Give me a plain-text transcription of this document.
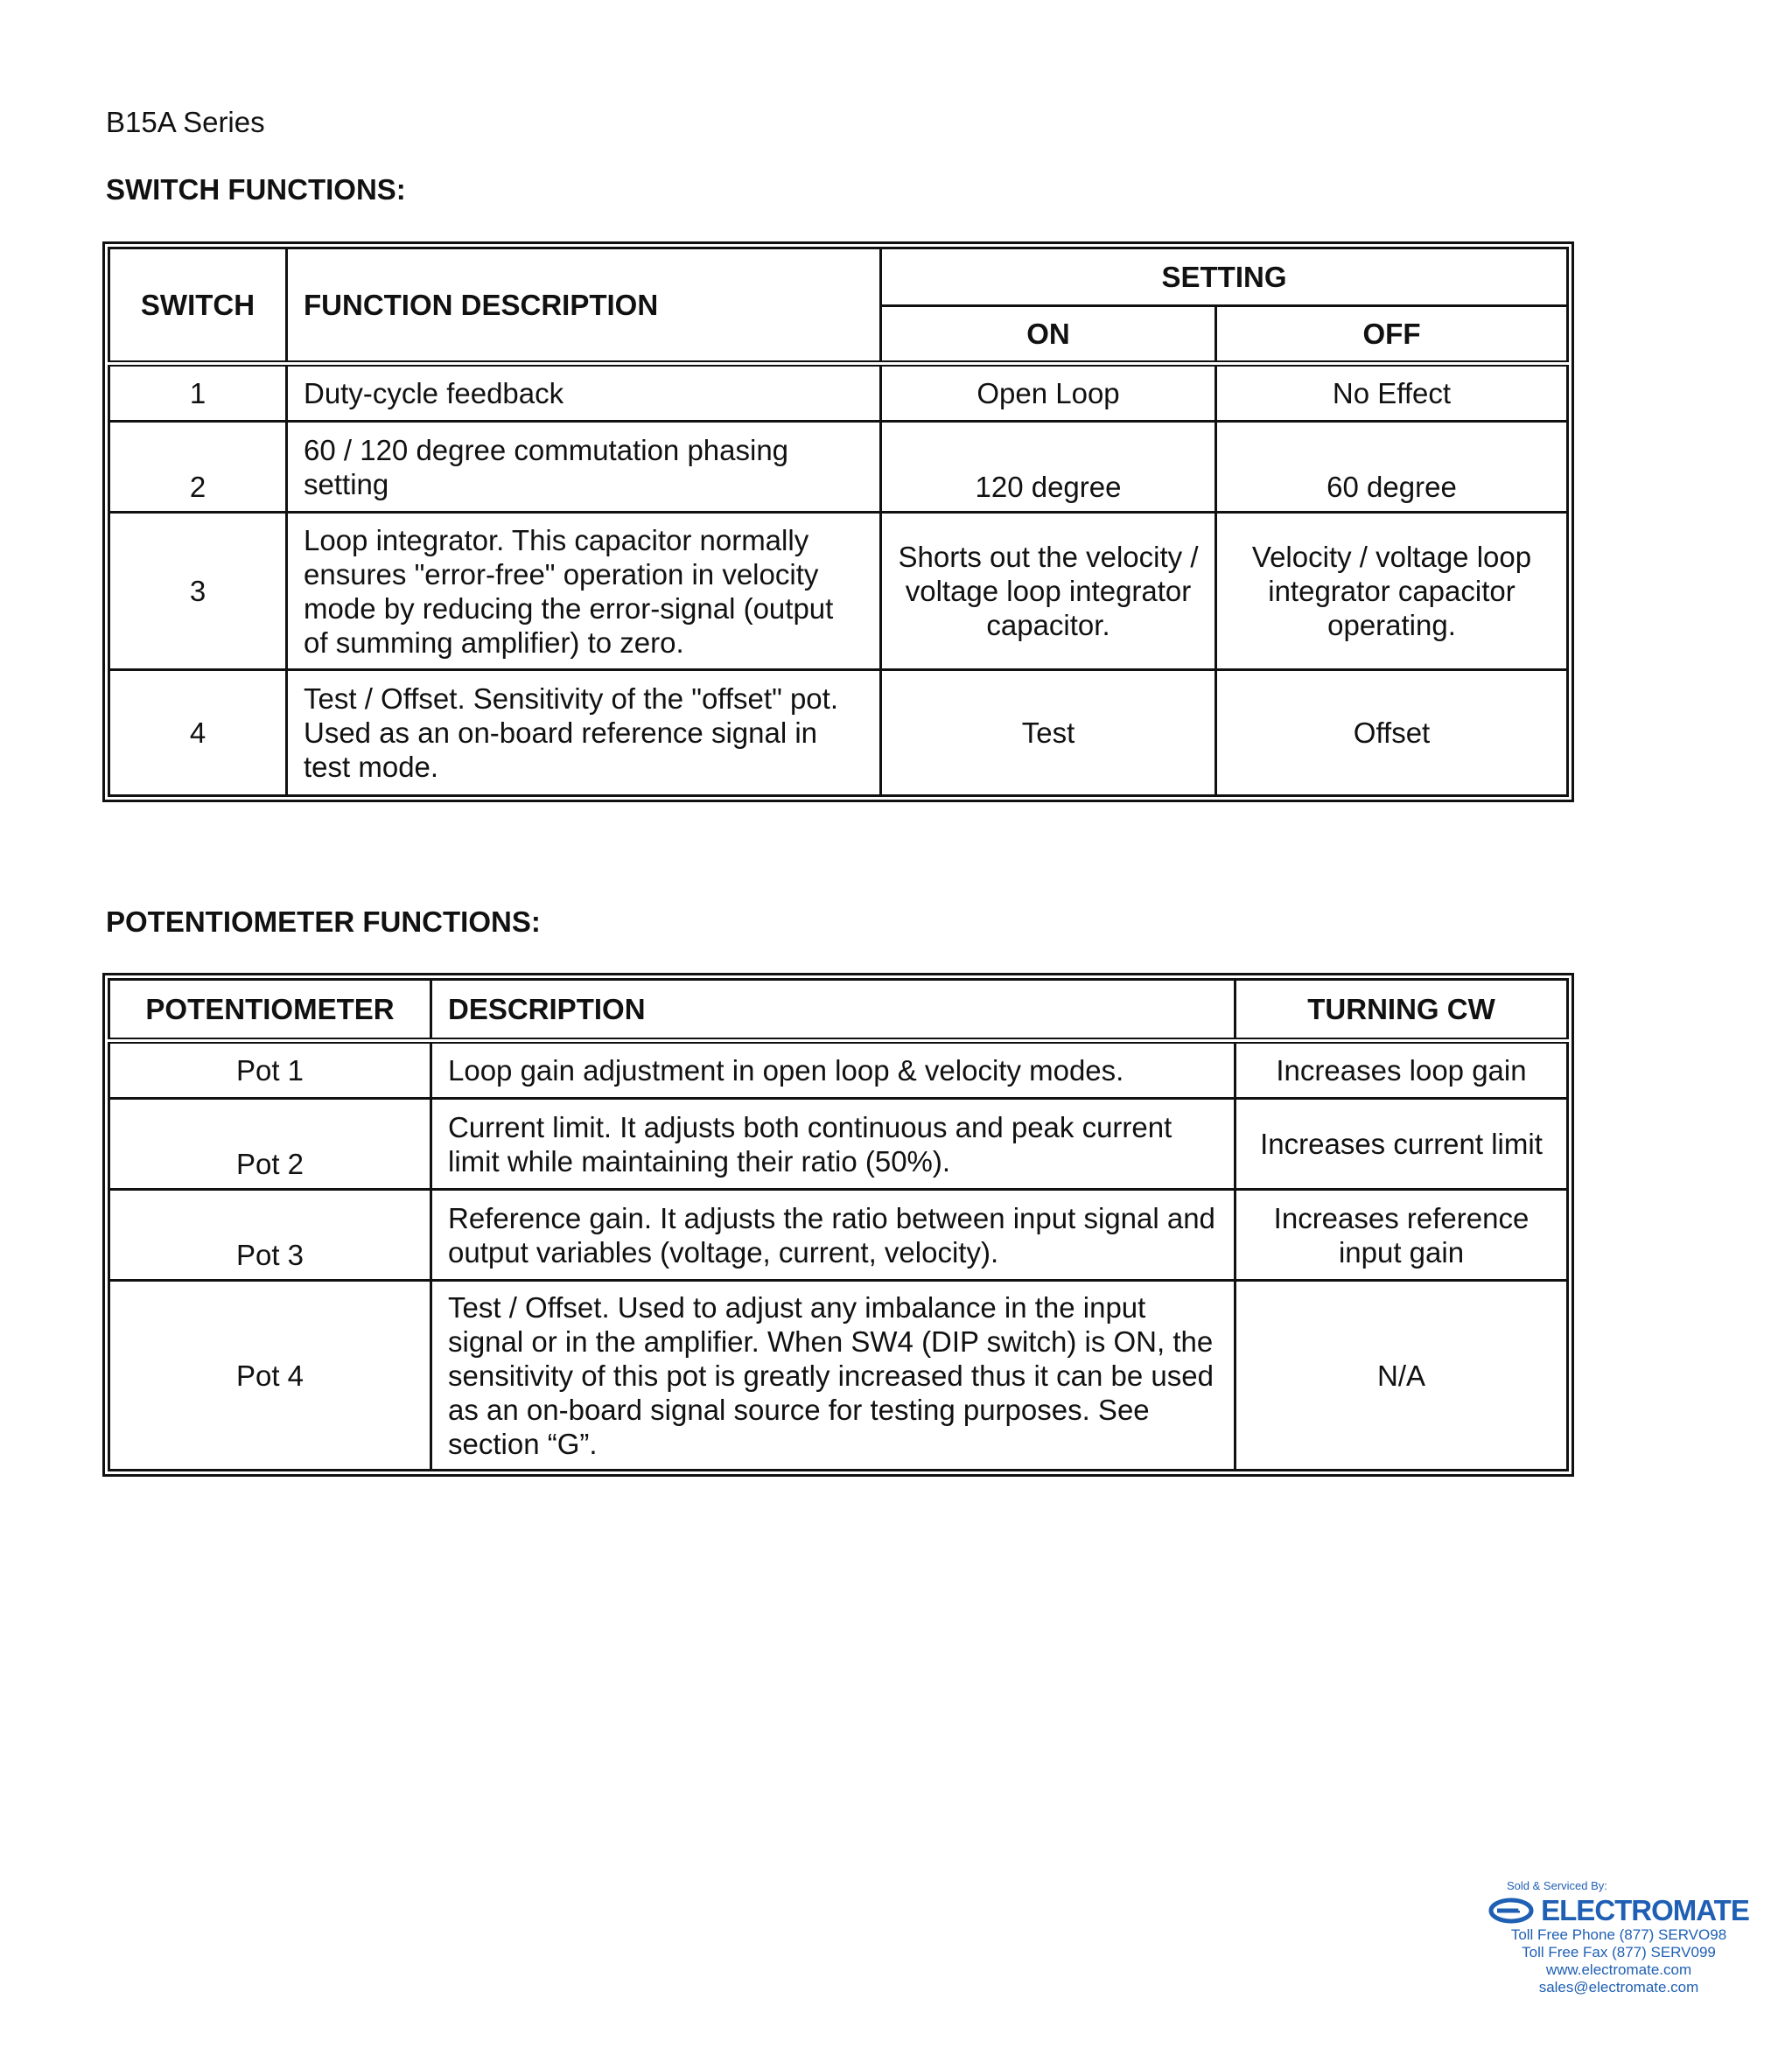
B15A Series
SWITCH FUNCTIONS:
SWITCH	FUNCTION DESCRIPTION	SETTING	
		ON	OFF
1	Duty-cycle feedback	Open Loop	No Effect
2	60 / 120 degree commutation phasing setting	120 degree	60 degree
3	Loop integrator. This capacitor normally ensures "error-free" operation in velocity mode by reducing the error-signal (output of summing amplifier) to zero.	Shorts out the velocity / voltage loop integrator capacitor.	Velocity / voltage loop integrator capacitor operating.
4	Test / Offset. Sensitivity of the "offset" pot. Used as an on-board reference signal in test mode.	Test	Offset
POTENTIOMETER FUNCTIONS:
POTENTIOMETER	DESCRIPTION	TURNING CW
Pot 1	Loop gain adjustment in open loop & velocity modes.	Increases loop gain
Pot 2	Current limit. It adjusts both continuous and peak current limit while maintaining their ratio (50%).	Increases current limit
Pot 3	Reference gain. It adjusts the ratio between input signal and output variables (voltage, current, velocity).	Increases reference input gain
Pot 4	Test / Offset. Used to adjust any imbalance in the input signal or in the amplifier. When SW4 (DIP switch) is ON, the sensitivity of this pot is greatly increased thus it can be used as an on-board signal source for testing purposes. See section “G”.	N/A
Sold & Serviced By:
ELECTROMATE
Toll Free Phone (877) SERVO98
Toll Free Fax (877) SERV099
www.electromate.com
sales@electromate.com
